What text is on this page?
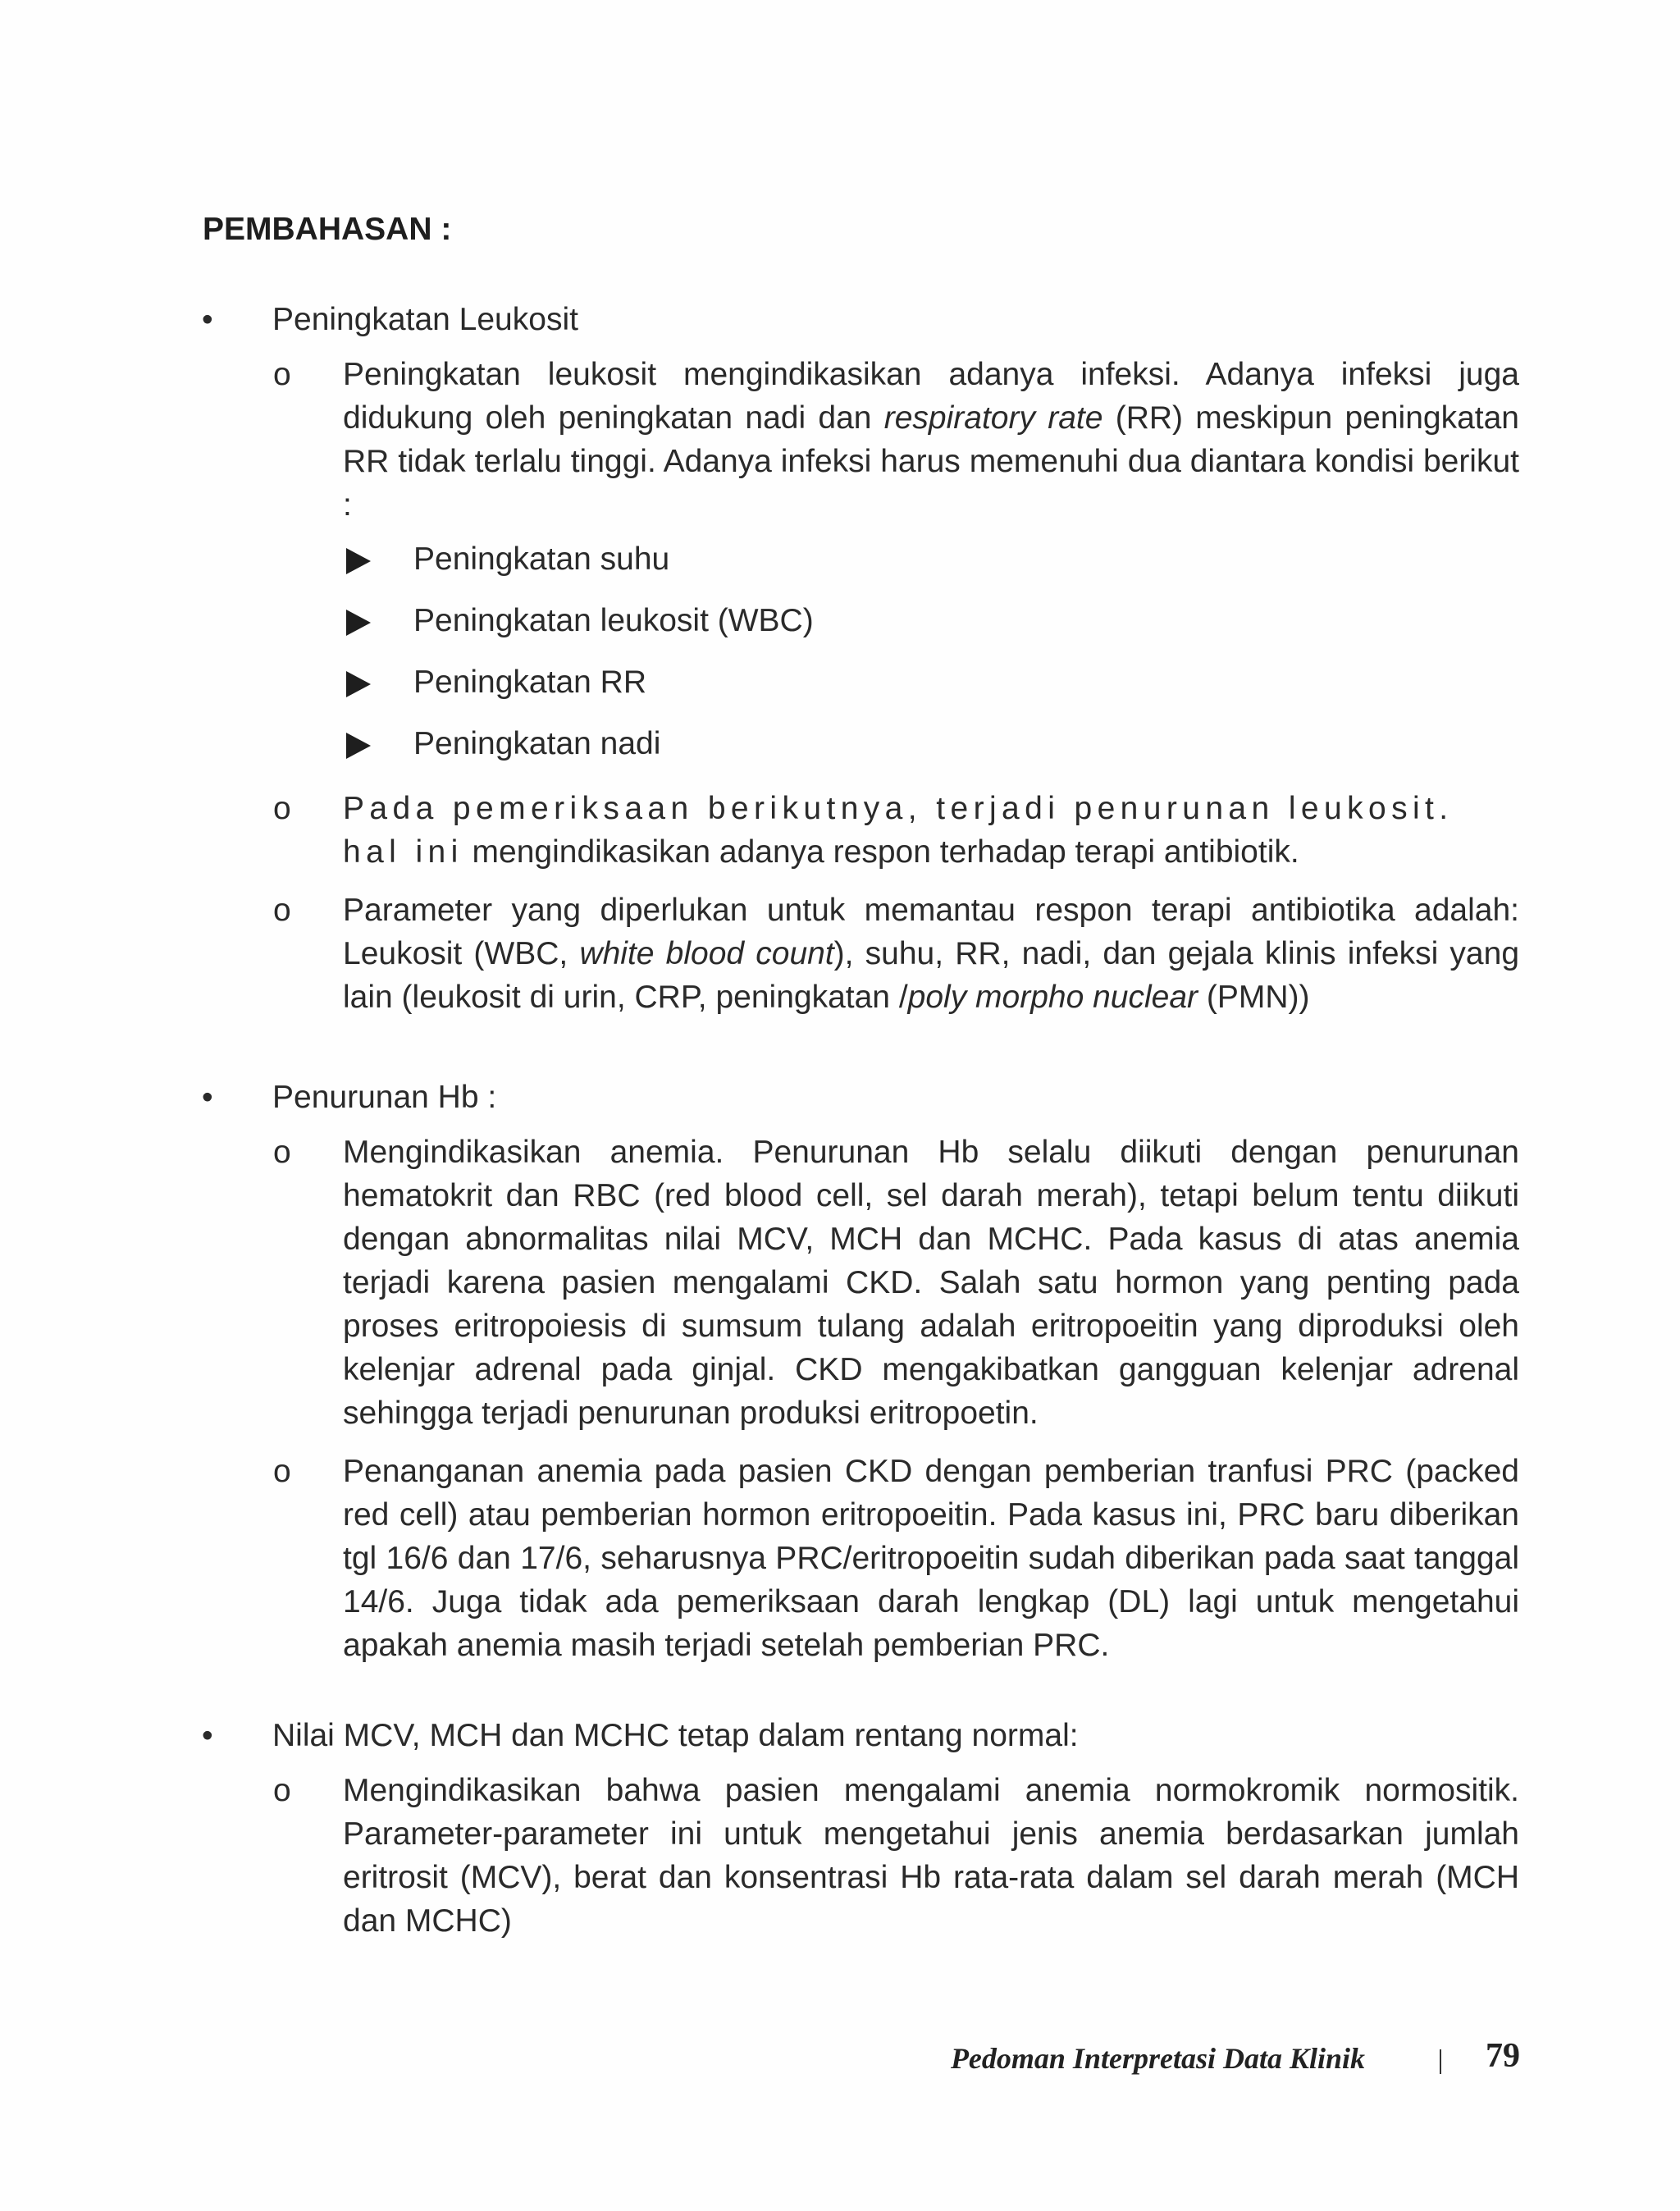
PEMBAHASAN :
• Peningkatan Leukosit
o Peningkatan leukosit mengindikasikan adanya infeksi. Adanya infeksi juga didukung oleh peningkatan nadi dan respiratory rate (RR) meskipun peningkatan RR tidak terlalu tinggi. Adanya infeksi harus memenuhi dua diantara kondisi berikut :
Peningkatan suhu
Peningkatan leukosit (WBC)
Peningkatan RR
Peningkatan nadi
o Pada pemeriksaan berikutnya, terjadi penurunan leukosit. hal ini mengindikasikan adanya respon terhadap terapi antibiotik.
o Parameter yang diperlukan untuk memantau respon terapi antibiotika adalah: Leukosit (WBC, white blood count), suhu, RR, nadi, dan gejala klinis infeksi yang lain (leukosit di urin, CRP, peningkatan /poly morpho nuclear (PMN))
• Penurunan Hb :
o Mengindikasikan anemia. Penurunan Hb selalu diikuti dengan penurunan hematokrit dan RBC (red blood cell, sel darah merah), tetapi belum tentu diikuti dengan abnormalitas nilai MCV, MCH dan MCHC. Pada kasus di atas anemia terjadi karena pasien mengalami CKD. Salah satu hormon yang penting pada proses eritropoiesis di sumsum tulang adalah eritropoeitin yang diproduksi oleh kelenjar adrenal pada ginjal. CKD mengakibatkan gangguan kelenjar adrenal sehingga terjadi penurunan produksi eritropoetin.
o Penanganan anemia pada pasien CKD dengan pemberian tranfusi PRC (packed red cell) atau pemberian hormon eritropoeitin. Pada kasus ini, PRC baru diberikan tgl 16/6 dan 17/6, seharusnya PRC/eritropoeitin sudah diberikan pada saat tanggal 14/6. Juga tidak ada pemeriksaan darah lengkap (DL) lagi untuk mengetahui apakah anemia masih terjadi setelah pemberian PRC.
• Nilai MCV, MCH dan MCHC tetap dalam rentang normal:
o Mengindikasikan bahwa pasien mengalami anemia normokromik normositik. Parameter-parameter ini untuk mengetahui jenis anemia berdasarkan jumlah eritrosit (MCV), berat dan konsentrasi Hb rata-rata dalam sel darah merah (MCH dan MCHC)
Pedoman Interpretasi Data Klinik	79
